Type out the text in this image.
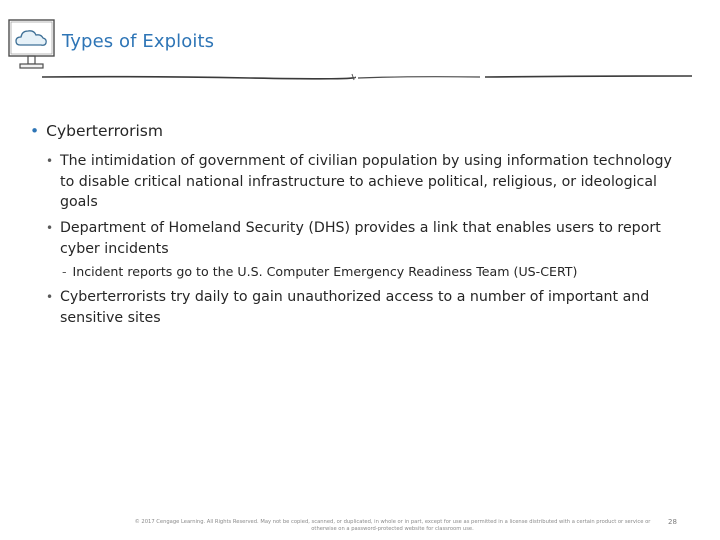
Types of Exploits
• Cyberterrorism
• The intimidation of government of civilian population by using information technology to disable critical national infrastructure to achieve political, religious, or ideological goals
• Department of Homeland Security (DHS) provides a link that enables users to report cyber incidents
- Incident reports go to the U.S. Computer Emergency Readiness Team (US-CERT)
• Cyberterrorists try daily to gain unauthorized access to a number of important and sensitive sites
© 2017 Cengage Learning. All Rights Reserved. May not be copied, scanned, or duplicated, in whole or in part, except for use as permitted in a license distributed with a certain product or service or otherwise on a password-protected website for classroom use.
28
